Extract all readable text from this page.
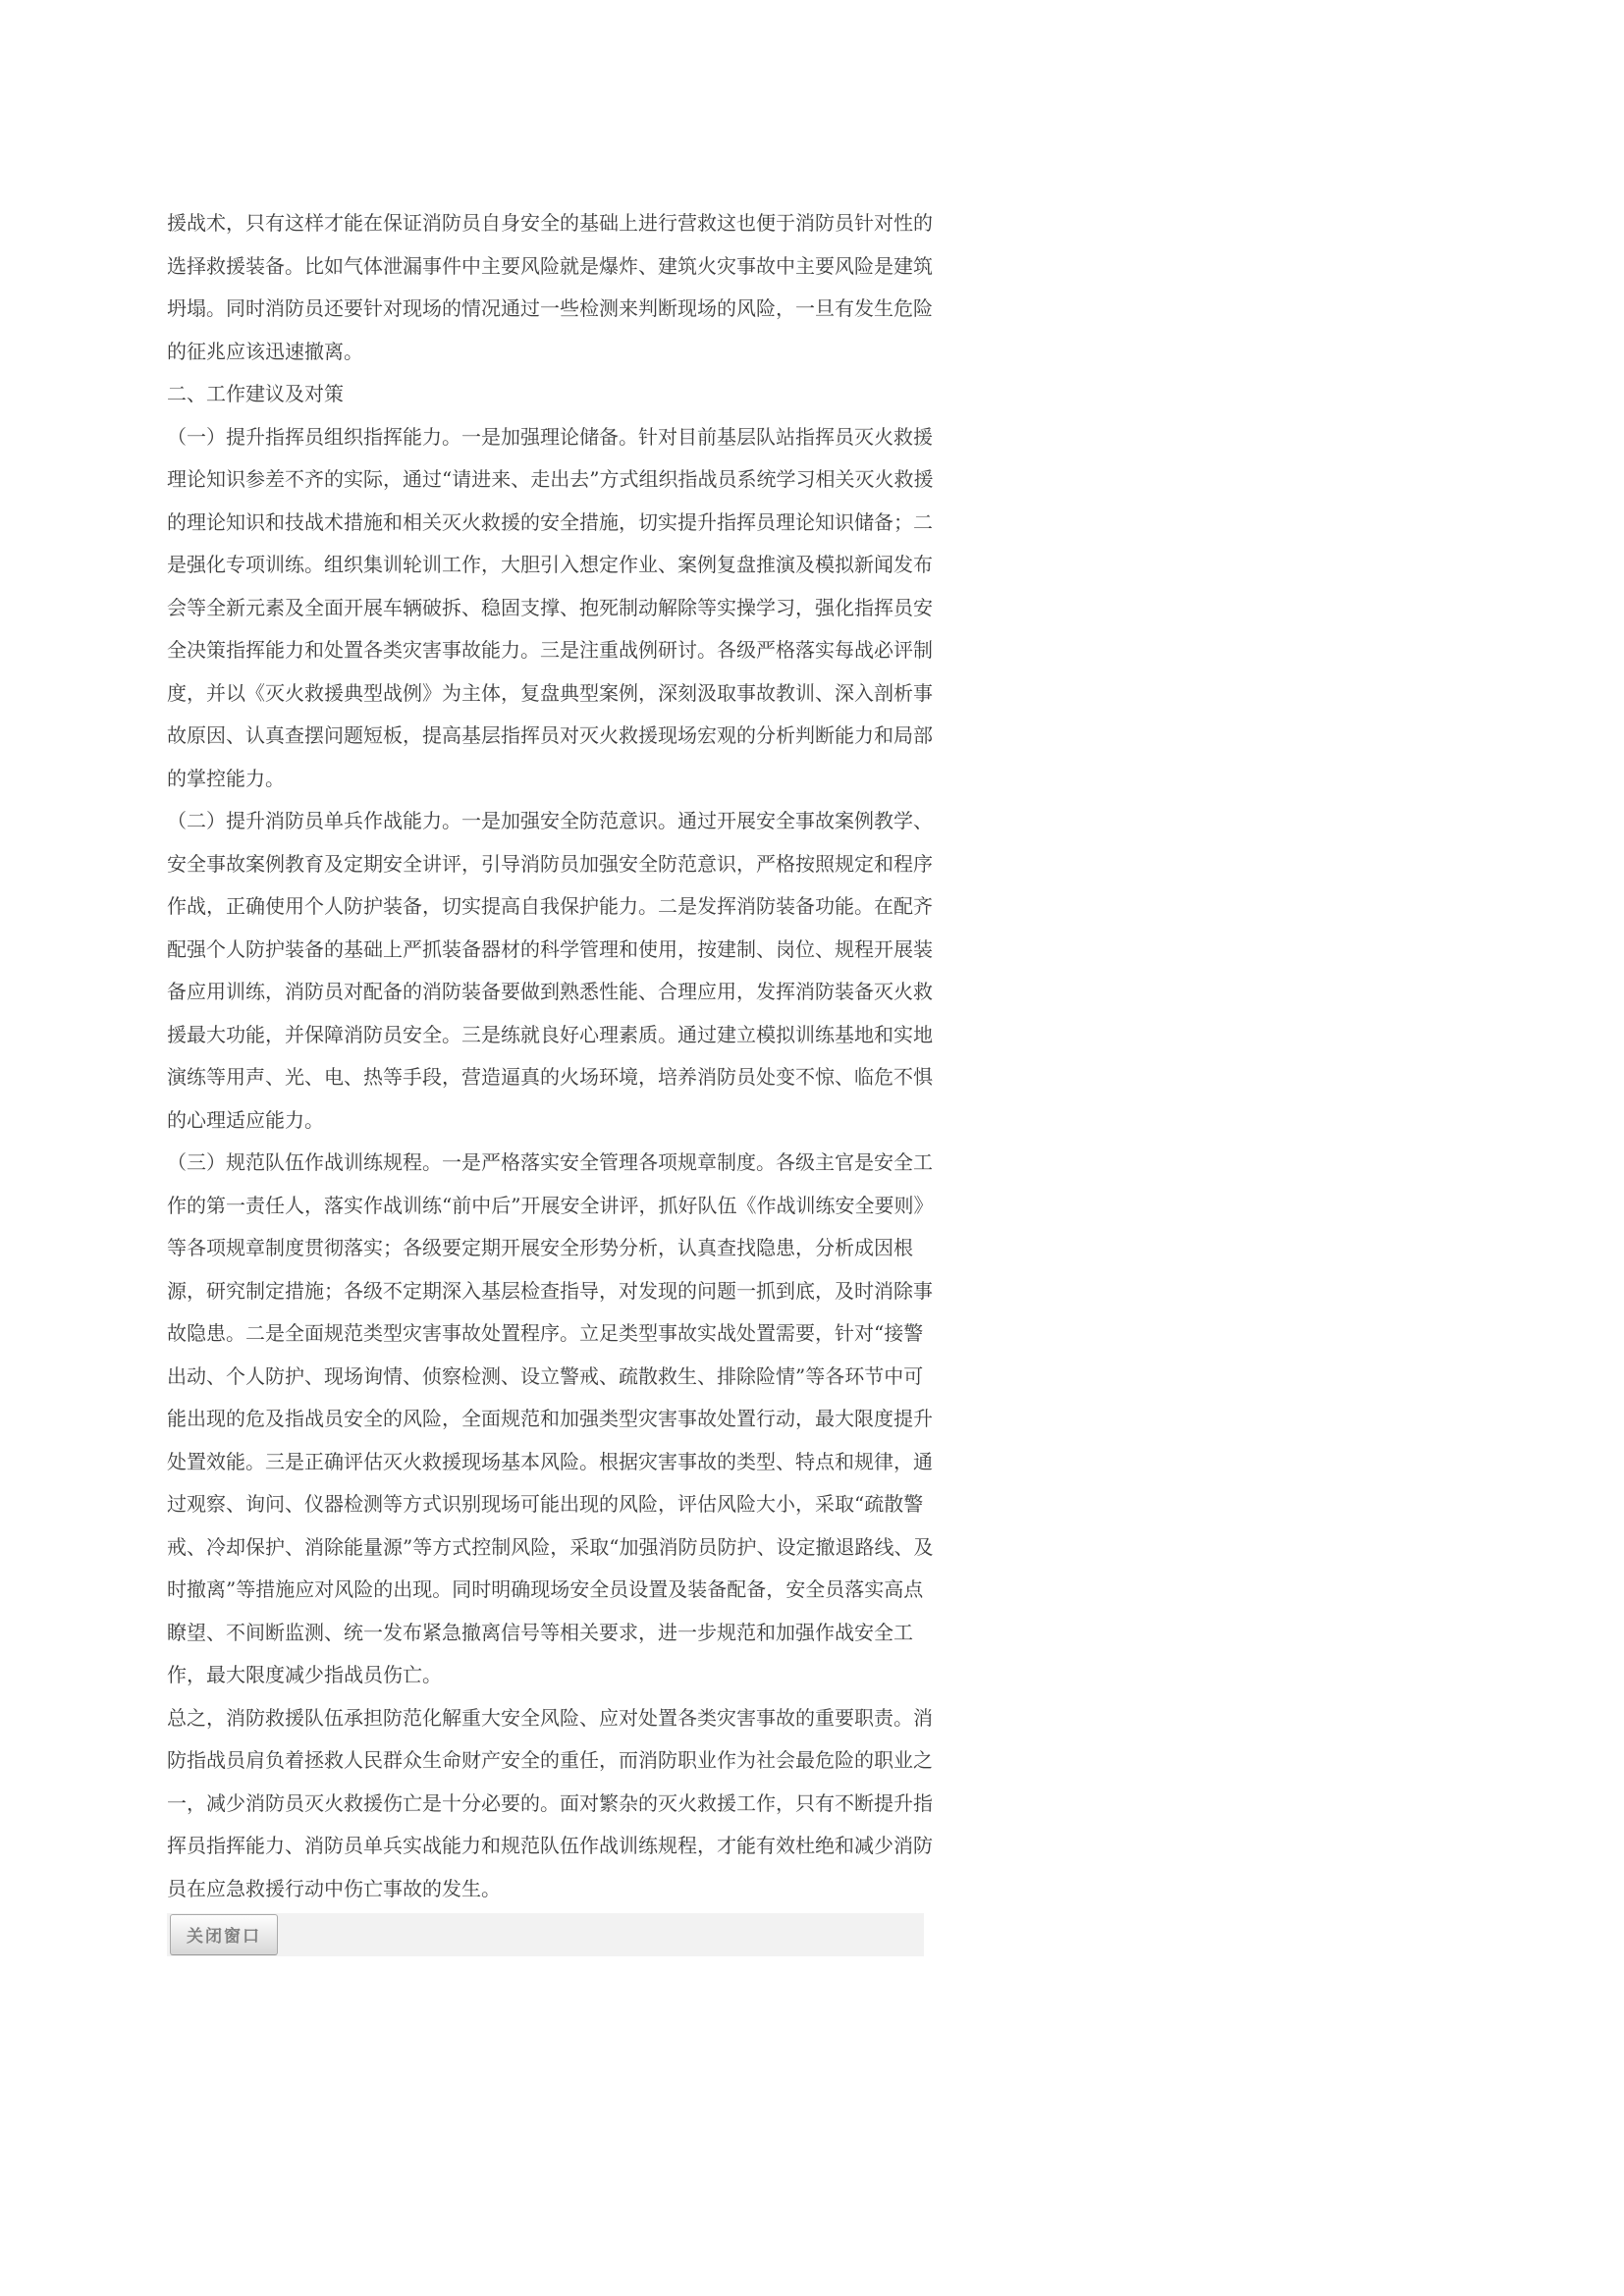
援战术，只有这样才能在保证消防员自身安全的基础上进行营救这也便于消防员针对性的选择救援装备。比如气体泄漏事件中主要风险就是爆炸、建筑火灾事故中主要风险是建筑坍塌。同时消防员还要针对现场的情况通过一些检测来判断现场的风险，一旦有发生危险的征兆应该迅速撤离。

二、工作建议及对策

（一）提升指挥员组织指挥能力。一是加强理论储备。针对目前基层队站指挥员灭火救援理论知识参差不齐的实际，通过“请进来、走出去”方式组织指战员系统学习相关灭火救援的理论知识和技战术措施和相关灭火救援的安全措施，切实提升指挥员理论知识储备；二是强化专项训练。组织集训轮训工作，大胆引入想定作业、案例复盘推演及模拟新闻发布会等全新元素及全面开展车辆破拆、稳固支撑、抱死制动解除等实操学习，强化指挥员安全决策指挥能力和处置各类灾害事故能力。三是注重战例研讨。各级严格落实每战必评制度，并以《灭火救援典型战例》为主体，复盘典型案例，深刻汲取事故教训、深入剖析事故原因、认真查摆问题短板，提高基层指挥员对灭火救援现场宏观的分析判断能力和局部的掌控能力。

（二）提升消防员单兵作战能力。一是加强安全防范意识。通过开展安全事故案例教学、安全事故案例教育及定期安全讲评，引导消防员加强安全防范意识，严格按照规定和程序作战，正确使用个人防护装备，切实提高自我保护能力。二是发挥消防装备功能。在配齐配强个人防护装备的基础上严抓装备器材的科学管理和使用，按建制、岗位、规程开展装备应用训练，消防员对配备的消防装备要做到熟悉性能、合理应用，发挥消防装备灭火救援最大功能，并保障消防员安全。三是练就良好心理素质。通过建立模拟训练基地和实地演练等用声、光、电、热等手段，营造逼真的火场环境，培养消防员处变不惊、临危不惧的心理适应能力。

（三）规范队伍作战训练规程。一是严格落实安全管理各项规章制度。各级主官是安全工作的第一责任人，落实作战训练“前中后”开展安全讲评，抓好队伍《作战训练安全要则》等各项规章制度贯彻落实；各级要定期开展安全形势分析，认真查找隐患，分析成因根源，研究制定措施；各级不定期深入基层检查指导，对发现的问题一抓到底，及时消除事故隐患。二是全面规范类型灾害事故处置程序。立足类型事故实战处置需要，针对“接警出动、个人防护、现场询情、侦察检测、设立警戒、疏散救生、排除险情”等各环节中可能出现的危及指战员安全的风险，全面规范和加强类型灾害事故处置行动，最大限度提升处置效能。三是正确评估灭火救援现场基本风险。根据灾害事故的类型、特点和规律，通过观察、询问、仪器检测等方式识别现场可能出现的风险，评估风险大小，采取“疏散警戒、冷却保护、消除能量源”等方式控制风险，采取“加强消防员防护、设定撤退路线、及时撤离”等措施应对风险的出现。同时明确现场安全员设置及装备配备，安全员落实高点瞭望、不间断监测、统一发布紧急撤离信号等相关要求，进一步规范和加强作战安全工作，最大限度减少指战员伤亡。

总之，消防救援队伍承担防范化解重大安全风险、应对处置各类灾害事故的重要职责。消防指战员肩负着拯救人民群众生命财产安全的重任，而消防职业作为社会最危险的职业之一，减少消防员灭火救援伤亡是十分必要的。面对繁杂的灭火救援工作，只有不断提升指挥员指挥能力、消防员单兵实战能力和规范队伍作战训练规程，才能有效杜绝和减少消防员在应急救援行动中伤亡事故的发生。

关闭窗口
